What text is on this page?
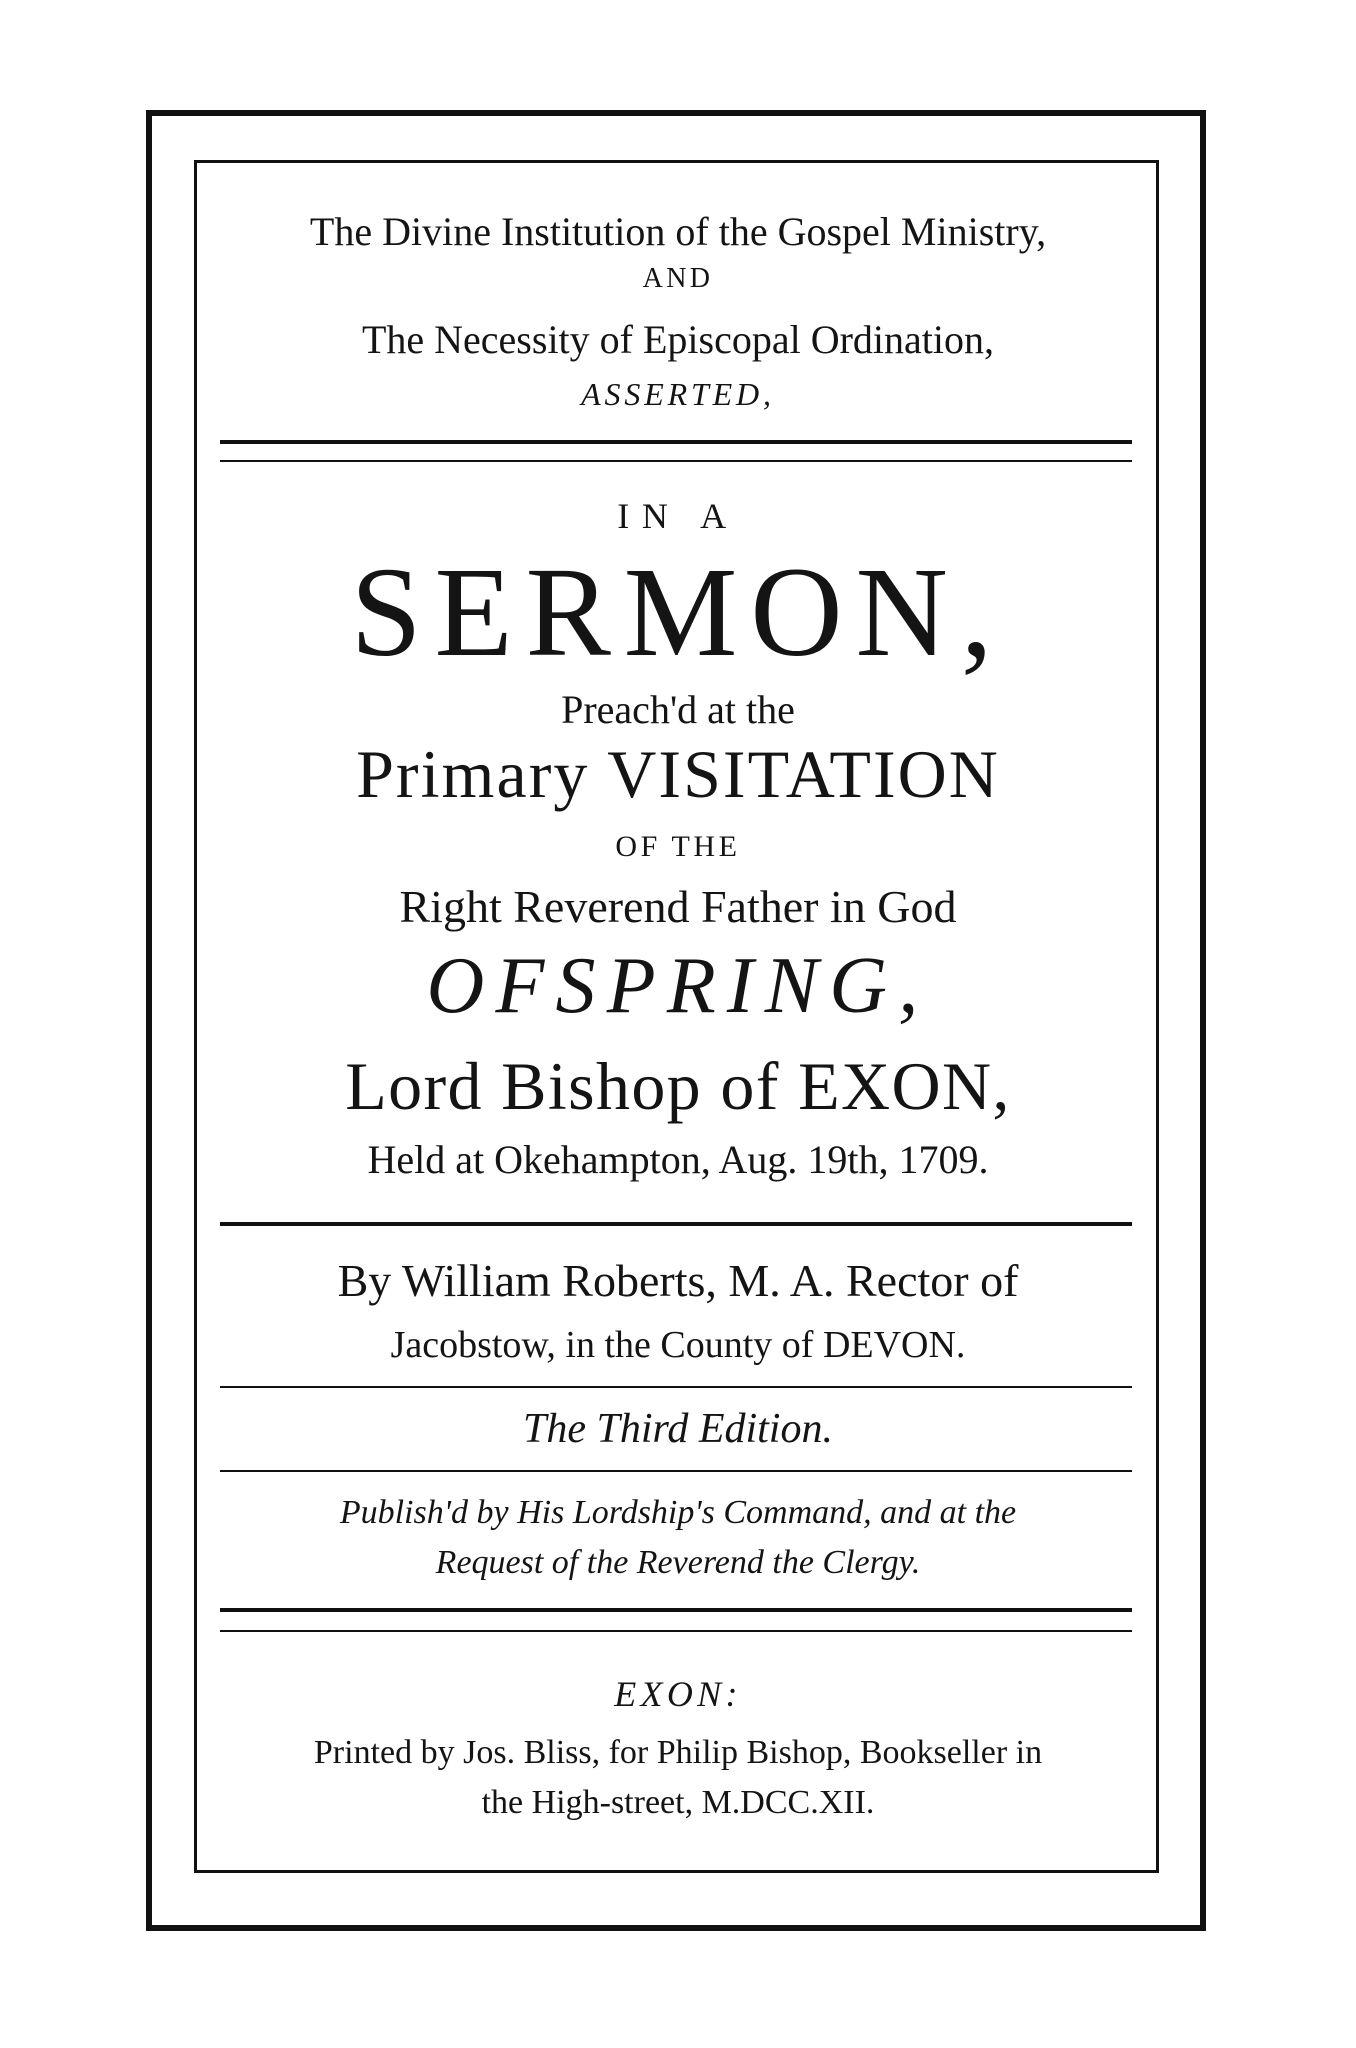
The Divine Institution of the Gospel Ministry,
AND
The Necessity of Episcopal Ordination,
ASSERTED,
IN A
SERMON,
Preach'd at the
Primary VISITATION
OF THE
Right Reverend Father in God
OFSPRING,
Lord Bishop of EXON,
Held at Okehampton, Aug. 19th, 1709.
By William Roberts, M. A. Rector of
Jacobstow, in the County of DEVON.
The Third Edition.
Publish'd by His Lordship's Command, and at the
Request of the Reverend the Clergy.
EXON:
Printed by Jos. Bliss, for Philip Bishop, Bookseller in
the High-street, M.DCC.XII.
